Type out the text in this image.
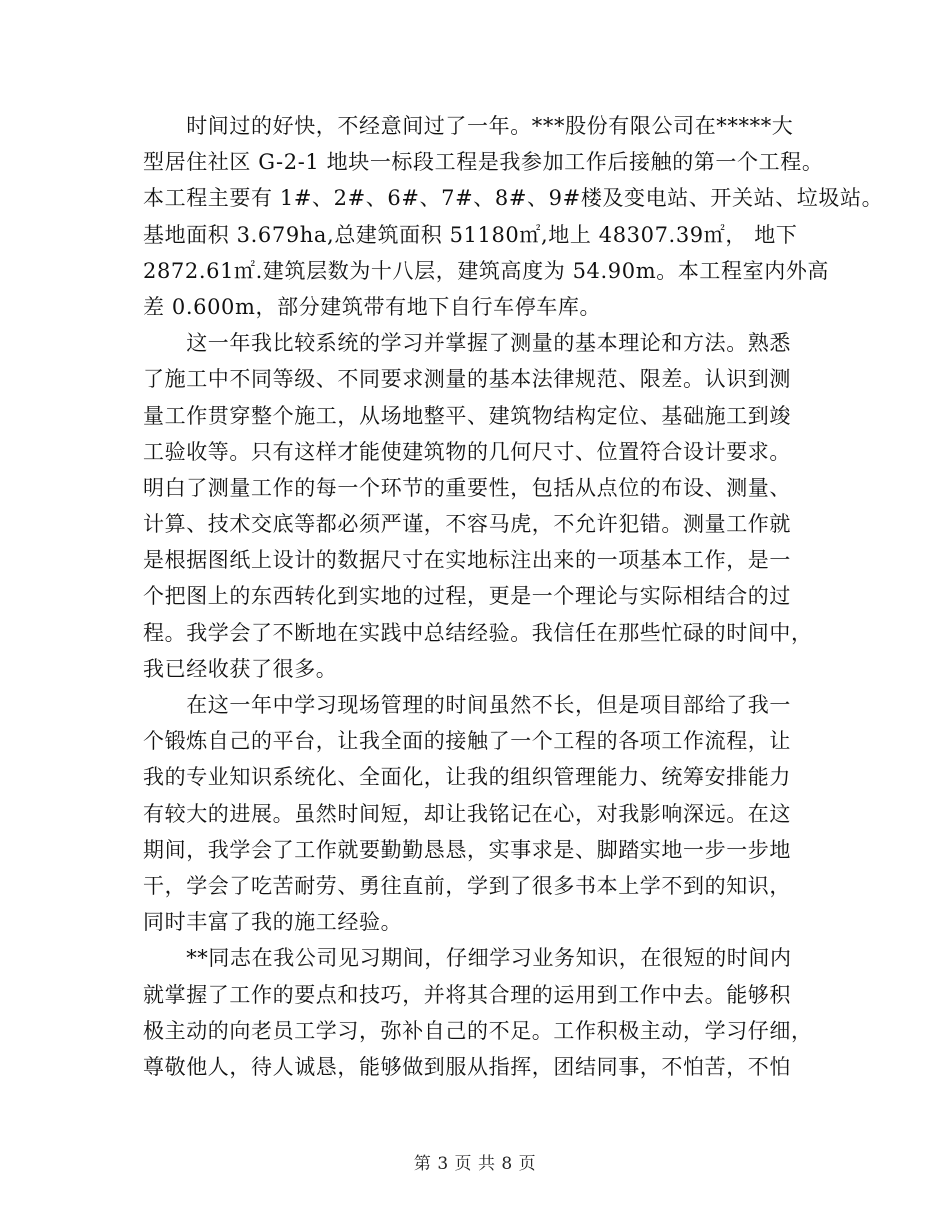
　　时间过的好快，不经意间过了一年。***股份有限公司在*****大
型居住社区 G-2-1 地块一标段工程是我参加工作后接触的第一个工程。
本工程主要有 1#、2#、6#、7#、8#、9#楼及变电站、开关站、垃圾站。
基地面积 3.679ha,总建筑面积 51180㎡,地上 48307.39㎡， 地下
2872.61㎡.建筑层数为十八层，建筑高度为 54.90m。本工程室内外高
差 0.600m，部分建筑带有地下自行车停车库。

　　这一年我比较系统的学习并掌握了测量的基本理论和方法。熟悉
了施工中不同等级、不同要求测量的基本法律规范、限差。认识到测
量工作贯穿整个施工，从场地整平、建筑物结构定位、基础施工到竣
工验收等。只有这样才能使建筑物的几何尺寸、位置符合设计要求。
明白了测量工作的每一个环节的重要性，包括从点位的布设、测量、
计算、技术交底等都必须严谨，不容马虎，不允许犯错。测量工作就
是根据图纸上设计的数据尺寸在实地标注出来的一项基本工作，是一
个把图上的东西转化到实地的过程，更是一个理论与实际相结合的过
程。我学会了不断地在实践中总结经验。我信任在那些忙碌的时间中，
我已经收获了很多。

　　在这一年中学习现场管理的时间虽然不长，但是项目部给了我一
个锻炼自己的平台，让我全面的接触了一个工程的各项工作流程，让
我的专业知识系统化、全面化，让我的组织管理能力、统筹安排能力
有较大的进展。虽然时间短，却让我铭记在心，对我影响深远。在这
期间，我学会了工作就要勤勤恳恳，实事求是、脚踏实地一步一步地
干，学会了吃苦耐劳、勇往直前，学到了很多书本上学不到的知识，
同时丰富了我的施工经验。

　　**同志在我公司见习期间，仔细学习业务知识，在很短的时间内
就掌握了工作的要点和技巧，并将其合理的运用到工作中去。能够积
极主动的向老员工学习，弥补自己的不足。工作积极主动，学习仔细，
尊敬他人，待人诚恳，能够做到服从指挥，团结同事，不怕苦，不怕

第 3 页 共 8 页
